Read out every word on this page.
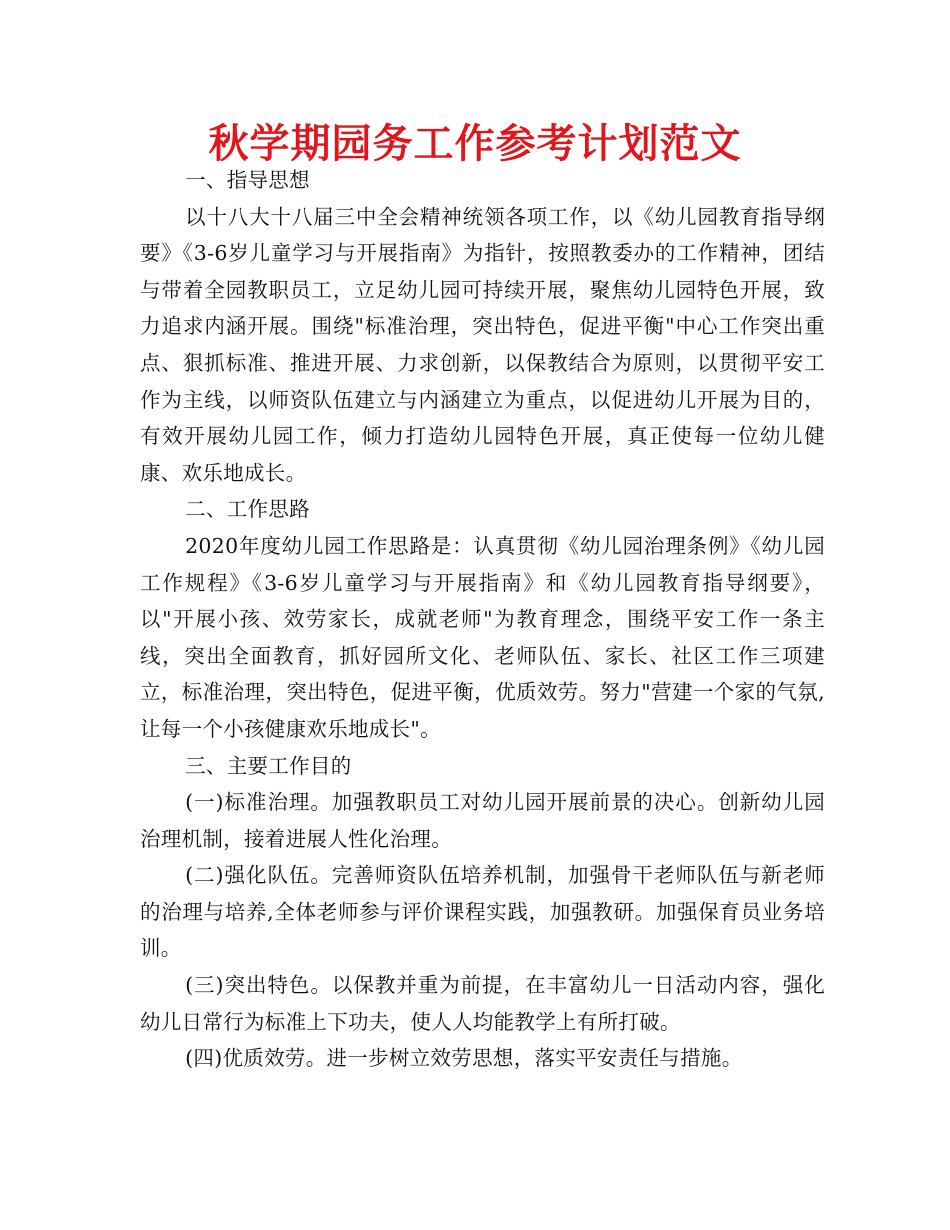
秋学期园务工作参考计划范文

一、指导思想

以十八大十八届三中全会精神统领各项工作，以《幼儿园教育指导纲要》《3-6岁儿童学习与开展指南》为指针，按照教委办的工作精神，团结与带着全园教职员工，立足幼儿园可持续开展，聚焦幼儿园特色开展，致力追求内涵开展。围绕"标准治理，突出特色，促进平衡"中心工作突出重点、狠抓标准、推进开展、力求创新，以保教结合为原则，以贯彻平安工作为主线，以师资队伍建立与内涵建立为重点，以促进幼儿开展为目的，有效开展幼儿园工作，倾力打造幼儿园特色开展，真正使每一位幼儿健康、欢乐地成长。

二、工作思路

2020年度幼儿园工作思路是：认真贯彻《幼儿园治理条例》《幼儿园工作规程》《3-6岁儿童学习与开展指南》和《幼儿园教育指导纲要》，以"开展小孩、效劳家长，成就老师"为教育理念，围绕平安工作一条主线，突出全面教育，抓好园所文化、老师队伍、家长、社区工作三项建立，标准治理，突出特色，促进平衡，优质效劳。努力"营建一个家的气氛,让每一个小孩健康欢乐地成长"。

三、主要工作目的

(一)标准治理。加强教职员工对幼儿园开展前景的决心。创新幼儿园治理机制，接着进展人性化治理。

(二)强化队伍。完善师资队伍培养机制，加强骨干老师队伍与新老师的治理与培养,全体老师参与评价课程实践，加强教研。加强保育员业务培训。

(三)突出特色。以保教并重为前提，在丰富幼儿一日活动内容，强化幼儿日常行为标准上下功夫，使人人均能教学上有所打破。

(四)优质效劳。进一步树立效劳思想，落实平安责任与措施。
